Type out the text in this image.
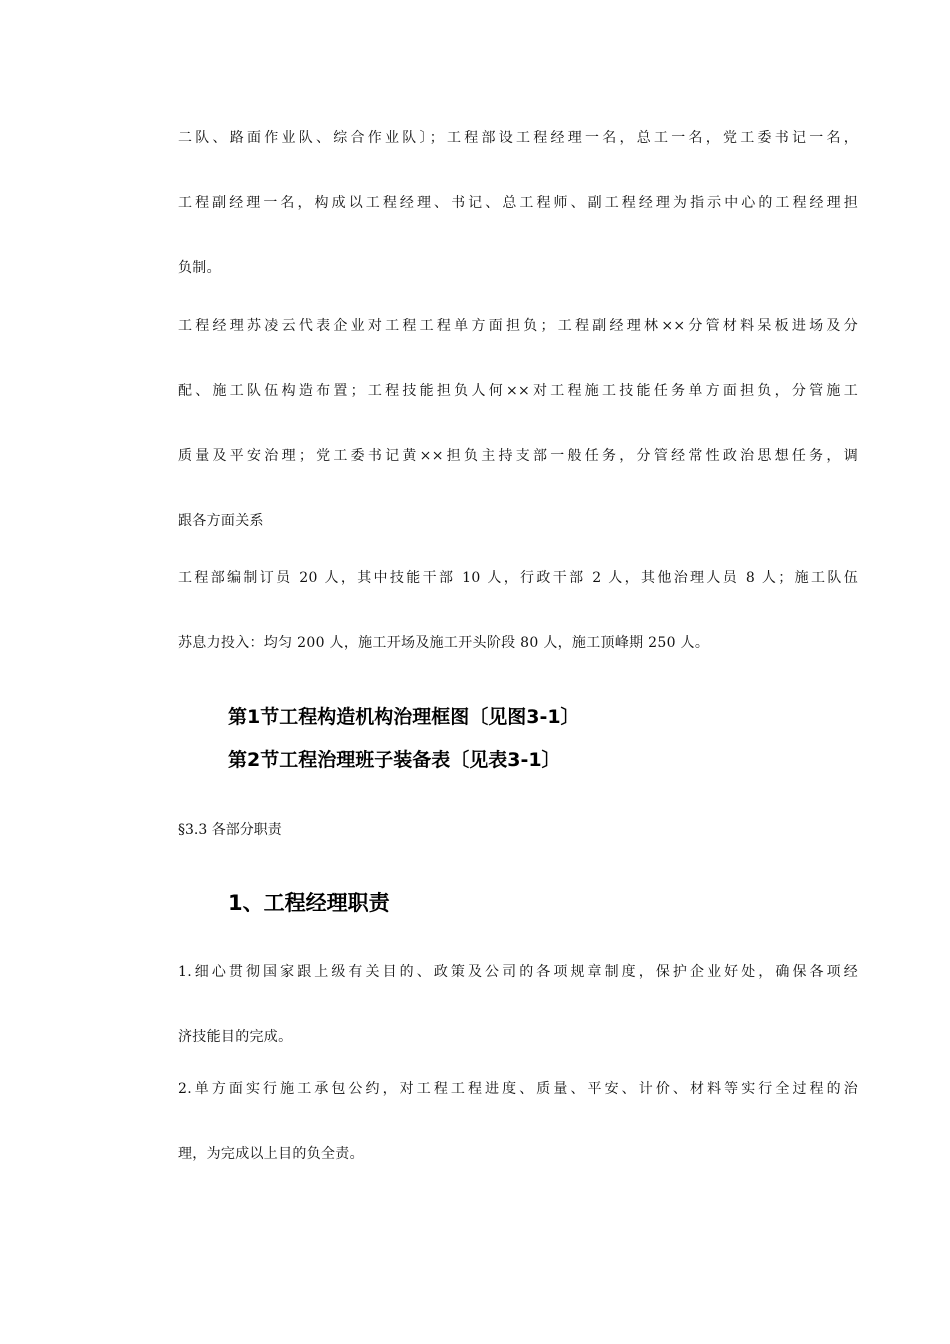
二队、路面作业队、综合作业队〕；工程部设工程经理一名，总工一名，党工委书记一名，
工程副经理一名，构成以工程经理、书记、总工程师、副工程经理为指示中心的工程经理担
负制。
工程经理苏凌云代表企业对工程工程单方面担负；工程副经理林××分管材料呆板进场及分
配、施工队伍构造布置；工程技能担负人何××对工程施工技能任务单方面担负，分管施工
质量及平安治理；党工委书记黄××担负主持支部一般任务，分管经常性政治思想任务，调
跟各方面关系
工程部编制订员 20 人，其中技能干部 10 人，行政干部 2 人，其他治理人员 8 人；施工队伍
苏息力投入：均匀 200 人，施工开场及施工开头阶段 80 人，施工顶峰期 250 人。
第1节工程构造机构治理框图〔见图3-1〕
第2节工程治理班子装备表〔见表3-1〕
§3.3 各部分职责
1、工程经理职责
1.细心贯彻国家跟上级有关目的、政策及公司的各项规章制度，保护企业好处，确保各项经
济技能目的完成。
2.单方面实行施工承包公约，对工程工程进度、质量、平安、计价、材料等实行全过程的治
理，为完成以上目的负全责。
